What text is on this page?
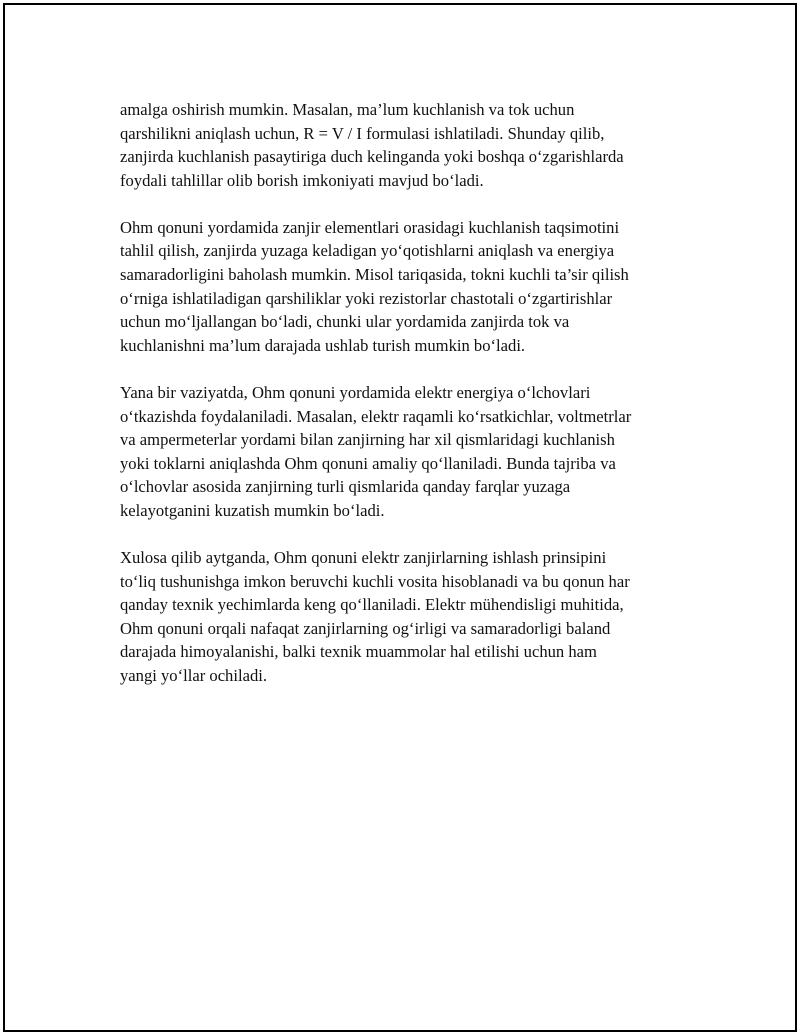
amalga oshirish mumkin. Masalan, ma’lum kuchlanish va tok uchun
qarshilikni aniqlash uchun, R = V / I formulasi ishlatiladi. Shunday qilib,
zanjirda kuchlanish pasaytiriga duch kelinganda yoki boshqa o‘zgarishlarda
foydali tahlillar olib borish imkoniyati mavjud bo‘ladi.

Ohm qonuni yordamida zanjir elementlari orasidagi kuchlanish taqsimotini
tahlil qilish, zanjirda yuzaga keladigan yo‘qotishlarni aniqlash va energiya
samaradorligini baholash mumkin. Misol tariqasida, tokni kuchli ta’sir qilish
o‘rniga ishlatiladigan qarshiliklar yoki rezistorlar chastotali o‘zgartirishlar
uchun mo‘ljallangan bo‘ladi, chunki ular yordamida zanjirda tok va
kuchlanishni ma’lum darajada ushlab turish mumkin bo‘ladi.

Yana bir vaziyatda, Ohm qonuni yordamida elektr energiya o‘lchovlari
o‘tkazishda foydalaniladi. Masalan, elektr raqamli ko‘rsatkichlar, voltmetrlar
va ampermeterlar yordami bilan zanjirning har xil qismlaridagi kuchlanish
yoki toklarni aniqlashda Ohm qonuni amaliy qo‘llaniladi. Bunda tajriba va
o‘lchovlar asosida zanjirning turli qismlarida qanday farqlar yuzaga
kelayotganini kuzatish mumkin bo‘ladi.

Xulosa qilib aytganda, Ohm qonuni elektr zanjirlarning ishlash prinsipini
to‘liq tushunishga imkon beruvchi kuchli vosita hisoblanadi va bu qonun har
qanday texnik yechimlarda keng qo‘llaniladi. Elektr mühendisligi muhitida,
Ohm qonuni orqali nafaqat zanjirlarning og‘irligi va samaradorligi baland
darajada himoyalanishi, balki texnik muammolar hal etilishi uchun ham
yangi yo‘llar ochiladi.
